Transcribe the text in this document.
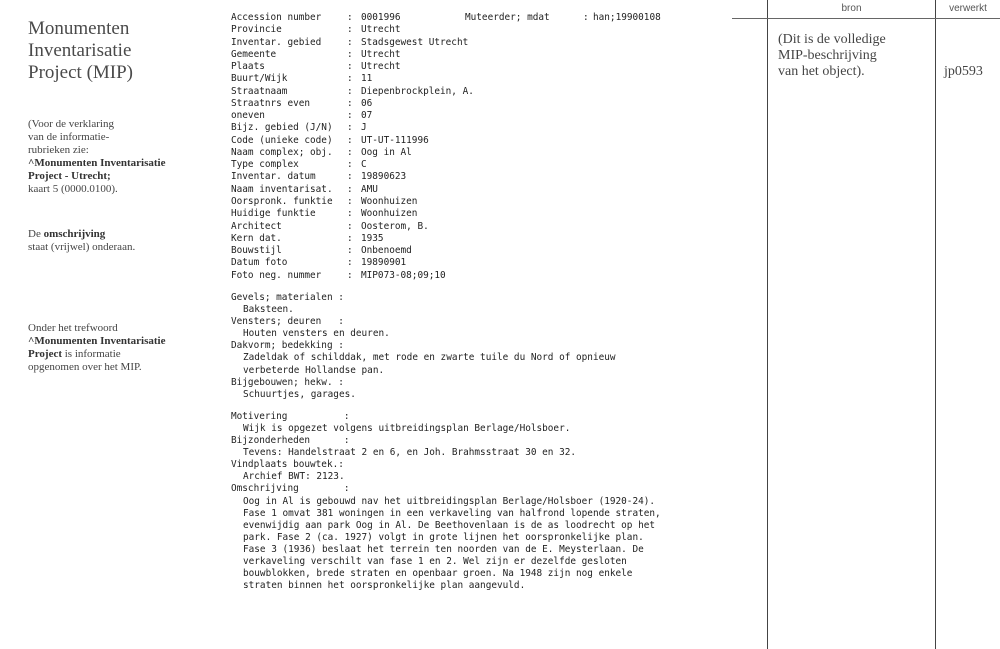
Monumenten
Inventarisatie
Project (MIP)
(Voor de verklaring
van de informatie-
rubrieken zie:
^Monumenten Inventarisatie
Project - Utrecht;
kaart 5 (0000.0100).
De omschrijving
staat (vrijwel) onderaan.
Onder het trefwoord
^Monumenten Inventarisatie
Project is informatie
opgenomen over het MIP.
Muteerder; mdat	: han;19900108
Accession number	: 0001996
Provincie	: Utrecht
Inventar. gebied	: Stadsgewest Utrecht
Gemeente	: Utrecht
Plaats	: Utrecht
Buurt/Wijk	: 11
Straatnaam	: Diepenbrockplein, A.
Straatnrs even	: 06
oneven	: 07
Bijz. gebied (J/N) : J
Code (unieke code) : UT-UT-111996
Naam complex; obj. : Oog in Al
Type complex	: C
Inventar. datum	: 19890623
Naam inventarisat. : AMU
Oorspronk. funktie : Woonhuizen
Huidige funktie	: Woonhuizen
Architect	: Oosterom, B.
Kern dat.	: 1935
Bouwstijl	: Onbenoemd
Datum foto	: 19890901
Foto neg. nummer	: MIP073-08;09;10
Gevels; materialen :
Baksteen.
Vensters; deuren   :
Houten vensters en deuren.
Dakvorm; bedekking :
Zadeldak of schilddak, met rode en zwarte tuile du Nord of opnieuw
verbeterde Hollandse pan.
Bijgebouwen; hekw. :
Schuurtjes, garages.
Motivering          :
Wijk is opgezet volgens uitbreidingsplan Berlage/Holsboer.
Bijzonderheden      :
Tevens: Handelstraat 2 en 6, en Joh. Brahmsstraat 30 en 32.
Vindplaats bouwtek.:
Archief BWT: 2123.
Omschrijving        :
Oog in Al is gebouwd nav het uitbreidingsplan Berlage/Holsboer (1920-24).
Fase 1 omvat 381 woningen in een verkaveling van halfrond lopende straten,
evenwijdig aan park Oog in Al. De Beethovenlaan is de as loodrecht op het
park. Fase 2 (ca. 1927) volgt in grote lijnen het oorspronkelijke plan.
Fase 3 (1936) beslaat het terrein ten noorden van de E. Meysterlaan. De
verkaveling verschilt van fase 1 en 2. Wel zijn er dezelfde gesloten
bouwblokken, brede straten en openbaar groen. Na 1948 zijn nog enkele
straten binnen het oorspronkelijke plan aangevuld.
bron	verwerkt
(Dit is de volledige
MIP-beschrijving
van het object).	jp0593
